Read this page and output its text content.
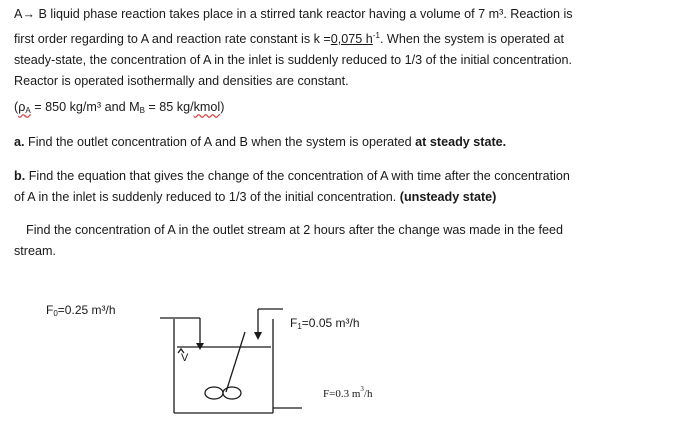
A→ B liquid phase reaction takes place in a stirred tank reactor having a volume of 7 m³. Reaction is
first order regarding to A and reaction rate constant is k =0,075 $h^{-1}$. When the system is operated at
steady-state, the concentration of A in the inlet is suddenly reduced to 1/3 of the initial concentration.
Reactor is operated isothermally and densities are constant.

($\rho_A = 850$ kg/m³ and $M_B = 85$ kg/kmol)

a. Find the outlet concentration of A and B when the system is operated at steady state.

b. Find the equation that gives the change of the concentration of A with time after the concentration
of A in the inlet is suddenly reduced to 1/3 of the initial concentration. (unsteady state)

Find the concentration of A in the outlet stream at 2 hours after the change was made in the feed

stream.

$F_0=0.25$ m³/h
$F_1=0.05$ m³/h
F=0.3 $m^3/h$
V
